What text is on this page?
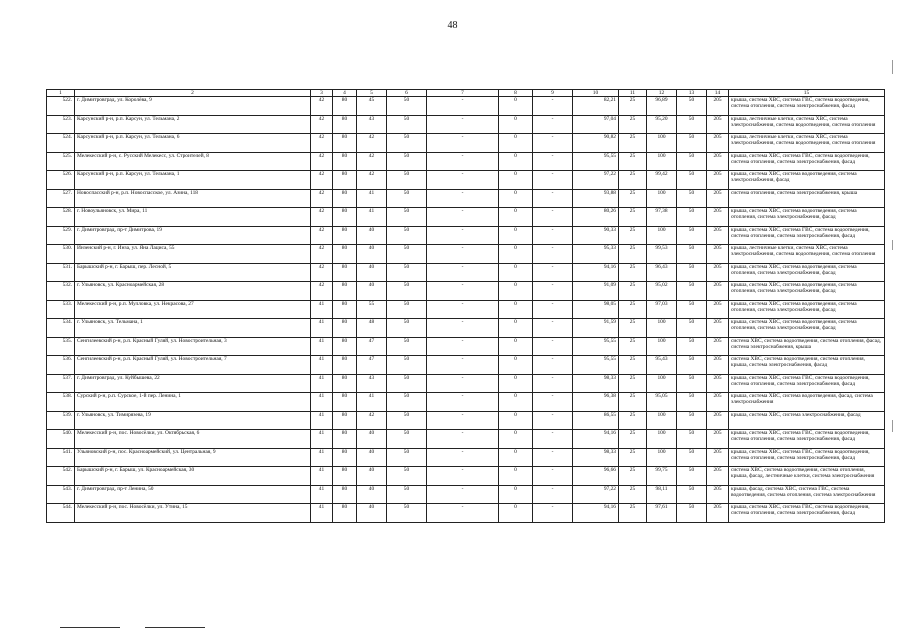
48
1	2	3	4	5	6	7	8	9	10	11	12	13	14	15
522.	г. Димитровград, ул. Королёва, 9	42	80	45	50	-	0	-	82,21	25	96,89	50	205	крыша, система ХВС, система ГВС, система водоотведения, система отопления, система электроснабжения, фасад
523.	Карсунский р-н, р.п. Карсун, ул. Тельмана, 2	42	80	43	50	-	0	-	97,04	25	95,20	50	205	крыша, лестничные клетки, система ХВС, система электроснабжения, система водоотведения, система отопления
524.	Карсунский р-н, р.п. Карсун, ул. Тельмана, 6	42	80	42	50	-	0	-	90,82	25	100	50	205	крыша, лестничные клетки, система ХВС, система электроснабжения, система водоотведения, система отопления
525.	Мелекесский р-н, с. Русский Мелекесс, ул. Строителей, 8	42	80	42	50	-	0	-	95,55	25	100	50	205	крыша, система ХВС, система ГВС, система водоотведения, система отопления, система электроснабжения, фасад
526.	Карсунский р-н, р.п. Карсун, ул. Тельмана, 1	42	80	42	50	-	0	-	97,22	25	99,42	50	205	крыша, система ХВС, система водоотведения, система электроснабжения, фасад
527.	Новоспасский р-н, р.п. Новоспасское, ул. Азина, 118	42	80	41	50	-	0	-	93,88	25	100	50	205	система отопления, система электроснабжения, крыша
528.	г. Новоульяновск, ул. Мира, 11	42	80	41	50	-	0	-	80,26	25	97,38	50	205	крыша, система ХВС, система водоотведения, система отопления, система электроснабжения, фасад
529.	г. Димитровград, пр-т Димитрова, 19	42	80	40	50	-	0	-	90,33	25	100	50	205	крыша, система ХВС, система ГВС, система водоотведения, система отопления, система электроснабжения, фасад
530.	Инзенский р-н, г. Инза, ул. Яна Лациса, 55	42	80	40	50	-	0	-	95,33	25	99,53	50	205	крыша, лестничные клетки, система ХВС, система электроснабжения, система водоотведения, система отопления
531.	Барышский р-н, г. Барыш, пер. Лесной, 5	42	80	40	50	-	0	-	94,16	25	96,43	50	205	крыша, система ХВС, система водоотведения, система отопления, система электроснабжения, фасад
532.	г. Ульяновск, ул. Красноармейская, 28	42	80	40	50	-	0	-	91,09	25	95,02	50	205	крыша, система ХВС, система водоотведения, система отопления, система электроснабжения, фасад
533.	Мелекесский р-н, р.п. Мулловка, ул. Некрасова, 27	41	80	55	50	-	0	-	98,05	25	97,03	50	205	крыша, система ХВС, система водоотведения, система отопления, система электроснабжения, фасад
534.	г. Ульяновск, ул. Тельмана, 1	41	80	48	50	-	0	-	91,59	25	100	50	205	крыша, система ХВС, система водоотведения, система отопления, система электроснабжения, фасад
535.	Сенгилеевский р-н, р.п. Красный Гуляй, ул. Новостроительная, 3	41	80	47	50	-	0	-	95,55	25	100	50	205	система ХВС, система водоотведения, система отопления, фасад, система электроснабжения, крыша
536.	Сенгилеевский р-н, р.п. Красный Гуляй, ул. Новостроительная, 7	41	80	47	50	-	0	-	95,55	25	95,43	50	205	система ХВС, система водоотведения, система отопления, крыша, система электроснабжения, фасад
537.	г. Димитровград, ул. Куйбышева, 22	41	80	43	50	-	0	-	98,33	25	100	50	205	крыша, система ХВС, система ГВС, система водоотведения, система отопления, система электроснабжения, фасад
538.	Сурский р-н, р.п. Сурское, 1-й пер. Ленина, 1	41	80	41	50	-	0	-	96,38	25	95,05	50	205	крыша, система ХВС, система водоотведения, фасад, система электроснабжения
539.	г. Ульяновск, ул. Тимирязева, 19	41	80	42	50	-	0	-	86,55	25	100	50	205	крыша, система ХВС, система электроснабжения, фасад
540.	Мелекесский р-н, пос. Новосёлки, ул. Октябрьская, 6	41	80	40	50	-	0	-	94,16	25	100	50	205	крыша, система ХВС, система ГВС, система водоотведения, система отопления, система электроснабжения, фасад
541.	Ульяновский р-н, пос. Красноармейский, ул. Центральная, 9	41	80	40	50	-	0	-	98,33	25	100	50	205	крыша, система ХВС, система ГВС, система водоотведения, система отопления, система электроснабжения, фасад
542.	Барышский р-н, г. Барыш, ул. Красноармейская, 30	41	80	40	50	-	0	-	96,66	25	99,75	50	205	система ХВС, система водоотведения, система отопления, крыша, фасад, лестничные клетки, система электроснабжения
543.	г. Димитровград, пр-т Ленина, 50	41	80	40	50	-	0	-	97,22	25	98,11	50	205	крыша, фасад, система ХВС, система ГВС, система водоотведения, система отопления, система электроснабжения
544.	Мелекесский р-н, пос. Новосёлки, ул. Утина, 15	41	80	40	50	-	0	-	94,16	25	97,61	50	205	крыша, система ХВС, система ГВС, система водоотведения, система отопления, система электроснабжения, фасад
